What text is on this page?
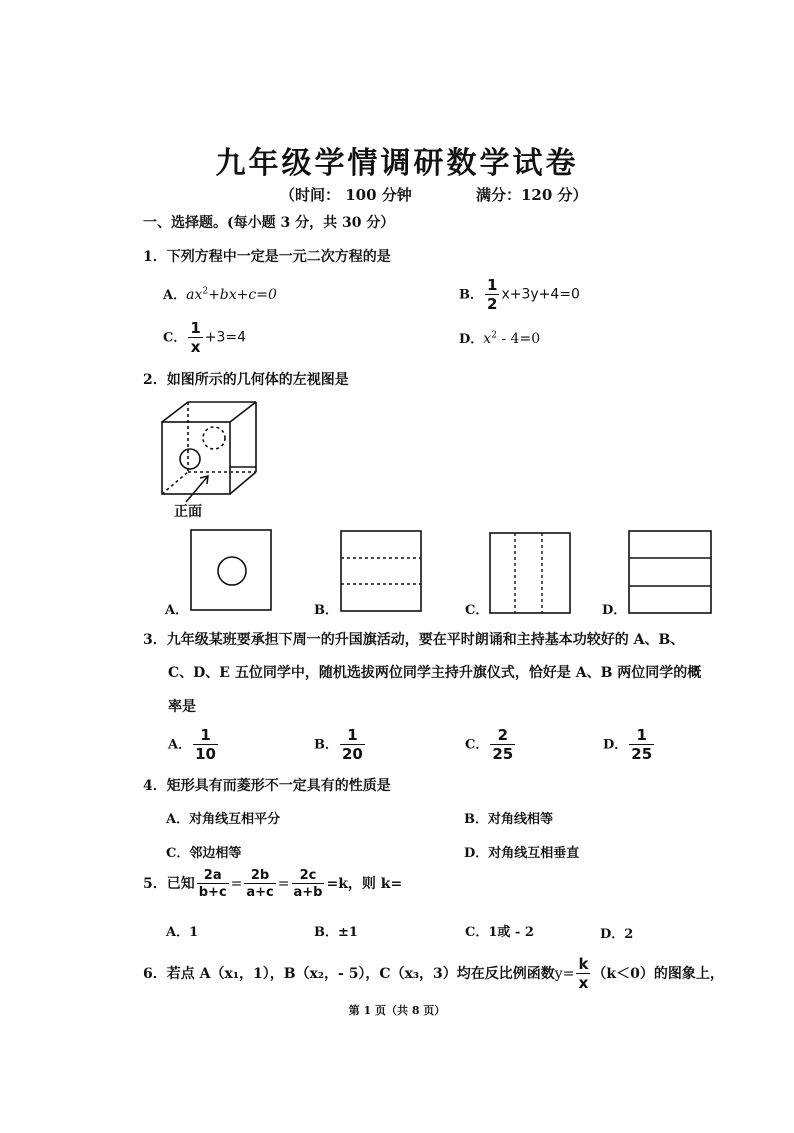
九年级学情调研数学试卷
（时间： 100 分钟	满分：120 分）
一、选择题。(每小题 3 分，共 30 分）
1．下列方程中一定是一元二次方程的是
A．$ax^2+bx+c=0$	B． $\frac{1}{2} x+3y+4=0$
C． $\frac{1}{x} +3=4$	D．$x^2 - 4=0$
2．如图所示的几何体的左视图是
正面
A．	B．	C．	D．
3．九年级某班要承担下周一的升国旗活动，要在平时朗诵和主持基本功较好的 A、B、
C、D、E 五位同学中，随机选拔两位同学主持升旗仪式，恰好是 A、B 两位同学的概
率是
A． $\frac{1}{10}$	B． $\frac{1}{20}$	C． $\frac{2}{25}$	D． $\frac{1}{25}$
4．矩形具有而菱形不一定具有的性质是
A．对角线互相平分	B．对角线相等
C．邻边相等	D．对角线互相垂直
5．已知 $\frac{2a}{b+c} = \frac{2b}{a+c} = \frac{2c}{a+b} =k$，则 k=
A．1	B．±1	C．1或 - 2	D．2
6．若点 A（x₁，1），B（x₂，- 5），C（x₃，3）均在反比例函数$y= \frac{k}{x} (k<0)$的图象上，
第 1 页（共 8 页）
